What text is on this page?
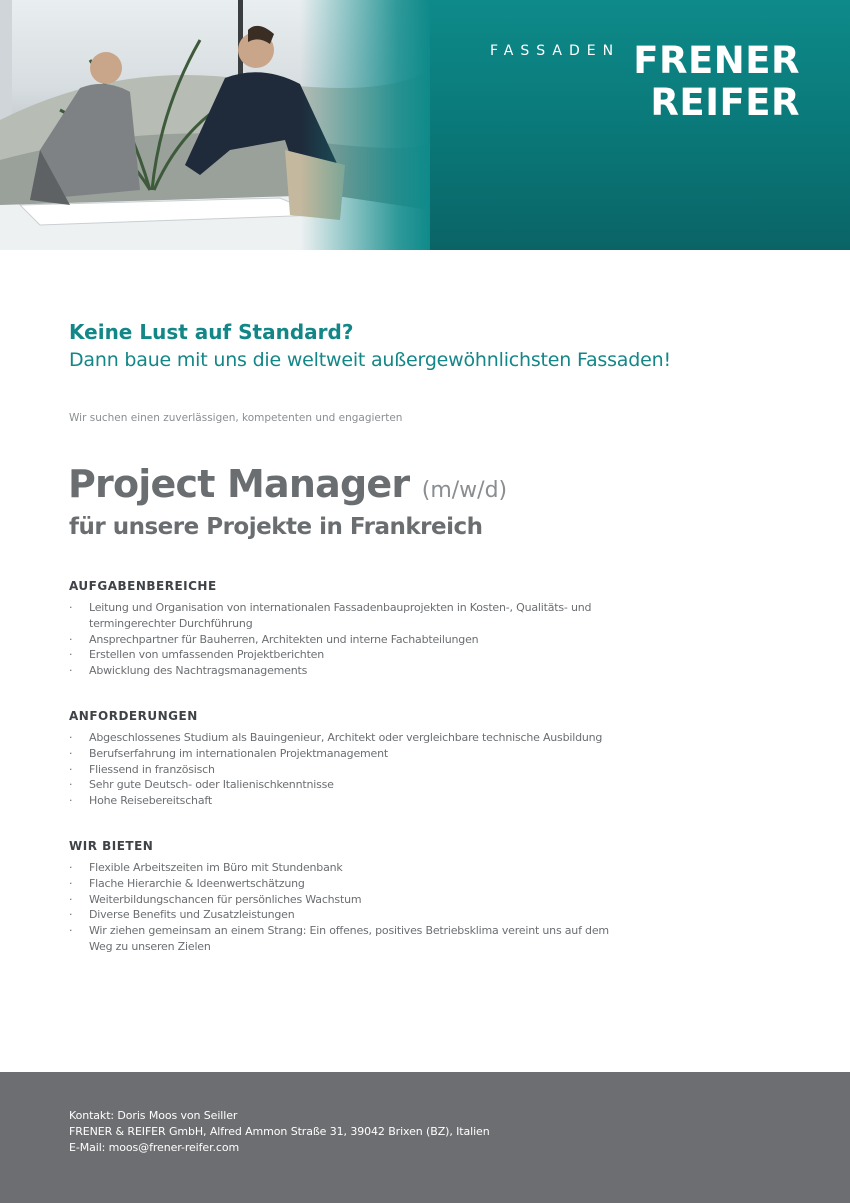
FASSADEN FRENER
REIFER

Keine Lust auf Standard?

Dann baue mit uns die weltweit außergewöhnlichsten Fassaden!

Wir suchen einen zuverlässigen, kompetenten und engagierten
Project Manager (m/w/d)
für unsere Projekte in Frankreich
AUFGABENBEREICHE
· Leitung und Organisation von internationalen Fassadenbauprojekten in Kosten-, Qualitäts- und termingerechter Durchführung
· Ansprechpartner für Bauherren, Architekten und interne Fachabteilungen
· Erstellen von umfassenden Projektberichten
· Abwicklung des Nachtragsmanagements
ANFORDERUNGEN
· Abgeschlossenes Studium als Bauingenieur, Architekt oder vergleichbare technische Ausbildung
· Berufserfahrung im internationalen Projektmanagement
· Fliessend in französisch
· Sehr gute Deutsch- oder Italienischkenntnisse
· Hohe Reisebereitschaft
WIR BIETEN
· Flexible Arbeitszeiten im Büro mit Stundenbank
· Flache Hierarchie & Ideenwertschätzung
· Weiterbildungschancen für persönliches Wachstum
· Diverse Benefits und Zusatzleistungen
· Wir ziehen gemeinsam an einem Strang: Ein offenes, positives Betriebsklima vereint uns auf dem Weg zu unseren Zielen
Kontakt: Doris Moos von Seiller
FRENER & REIFER GmbH, Alfred Ammon Straße 31, 39042 Brixen (BZ), Italien
E-Mail: moos@frener-reifer.com
